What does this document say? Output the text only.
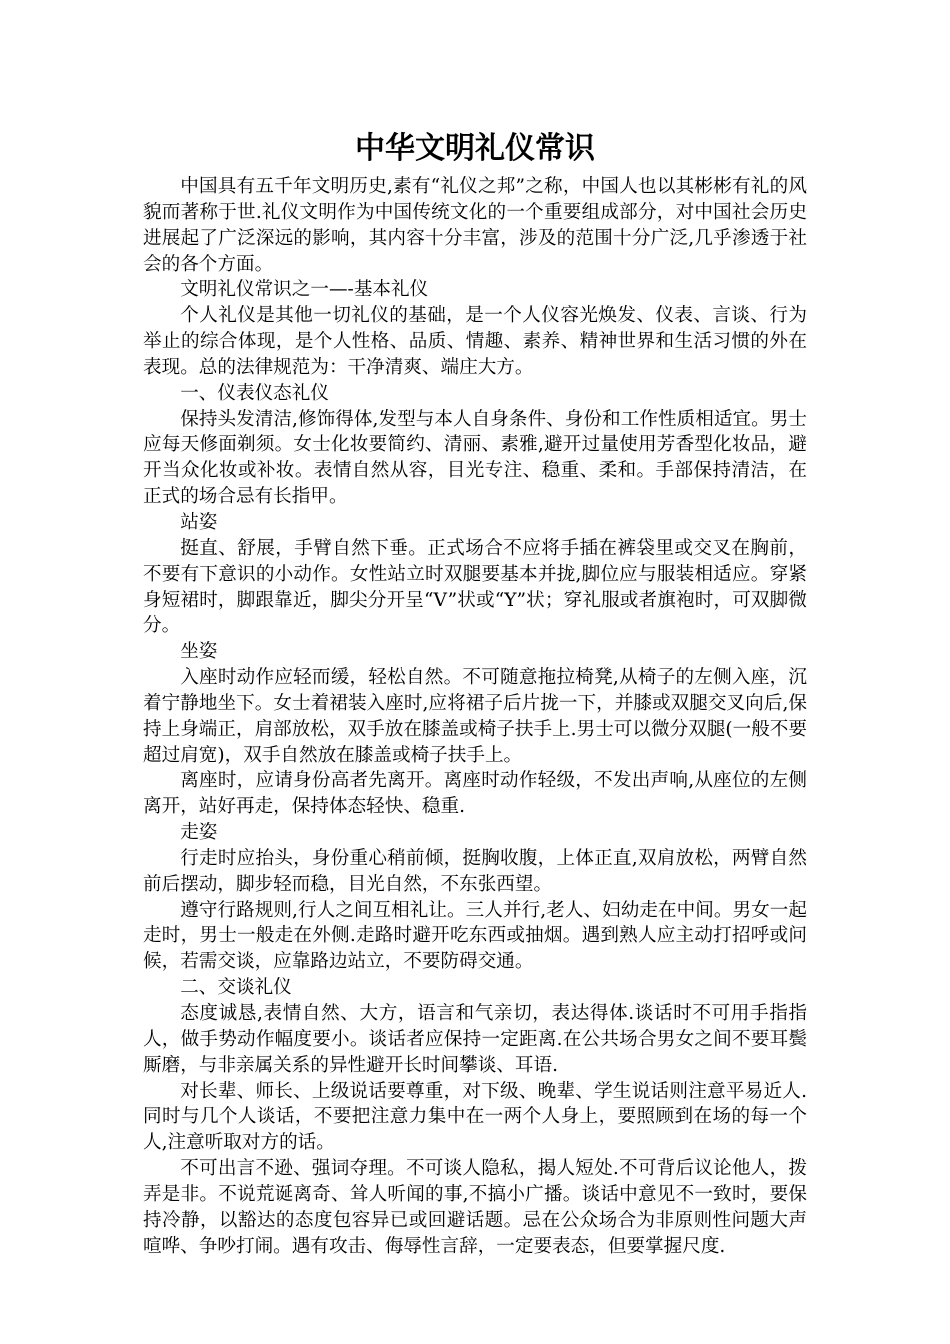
中华文明礼仪常识

中国具有五千年文明历史,素有“礼仪之邦”之称，中国人也以其彬彬有礼的风貌而著称于世.礼仪文明作为中国传统文化的一个重要组成部分，对中国社会历史进展起了广泛深远的影响，其内容十分丰富，涉及的范围十分广泛,几乎渗透于社会的各个方面。

文明礼仪常识之一—-基本礼仪

个人礼仪是其他一切礼仪的基础，是一个人仪容光焕发、仪表、言谈、行为举止的综合体现，是个人性格、品质、情趣、素养、精神世界和生活习惯的外在表现。总的法律规范为：干净清爽、端庄大方。

一、仪表仪态礼仪

保持头发清洁,修饰得体,发型与本人自身条件、身份和工作性质相适宜。男士应每天修面剃须。女士化妆要简约、清丽、素雅,避开过量使用芳香型化妆品，避开当众化妆或补妆。表情自然从容，目光专注、稳重、柔和。手部保持清洁，在正式的场合忌有长指甲。

站姿

挺直、舒展，手臂自然下垂。正式场合不应将手插在裤袋里或交叉在胸前，不要有下意识的小动作。女性站立时双腿要基本并拢,脚位应与服装相适应。穿紧身短裙时，脚跟靠近，脚尖分开呈“V”状或“Y”状；穿礼服或者旗袍时，可双脚微分。

坐姿

入座时动作应轻而缓，轻松自然。不可随意拖拉椅凳,从椅子的左侧入座，沉着宁静地坐下。女士着裙装入座时,应将裙子后片拢一下，并膝或双腿交叉向后,保持上身端正，肩部放松，双手放在膝盖或椅子扶手上.男士可以微分双腿(一般不要超过肩宽)，双手自然放在膝盖或椅子扶手上。

离座时，应请身份高者先离开。离座时动作轻级，不发出声响,从座位的左侧离开，站好再走，保持体态轻快、稳重.

走姿

行走时应抬头，身份重心稍前倾，挺胸收腹，上体正直,双肩放松，两臂自然前后摆动，脚步轻而稳，目光自然，不东张西望。

遵守行路规则,行人之间互相礼让。三人并行,老人、妇幼走在中间。男女一起走时，男士一般走在外侧.走路时避开吃东西或抽烟。遇到熟人应主动打招呼或问候，若需交谈，应靠路边站立，不要防碍交通。

二、交谈礼仪

态度诚恳,表情自然、大方，语言和气亲切，表达得体.谈话时不可用手指指人，做手势动作幅度要小。谈话者应保持一定距离.在公共场合男女之间不要耳鬓厮磨，与非亲属关系的异性避开长时间攀谈、耳语.

对长辈、师长、上级说话要尊重，对下级、晚辈、学生说话则注意平易近人.同时与几个人谈话，不要把注意力集中在一两个人身上，要照顾到在场的每一个人,注意听取对方的话。

不可出言不逊、强词夺理。不可谈人隐私，揭人短处.不可背后议论他人，拨弄是非。不说荒诞离奇、耸人听闻的事,不搞小广播。谈话中意见不一致时，要保持冷静，以豁达的态度包容异已或回避话题。忌在公众场合为非原则性问题大声喧哗、争吵打闹。遇有攻击、侮辱性言辞，一定要表态，但要掌握尺度.
